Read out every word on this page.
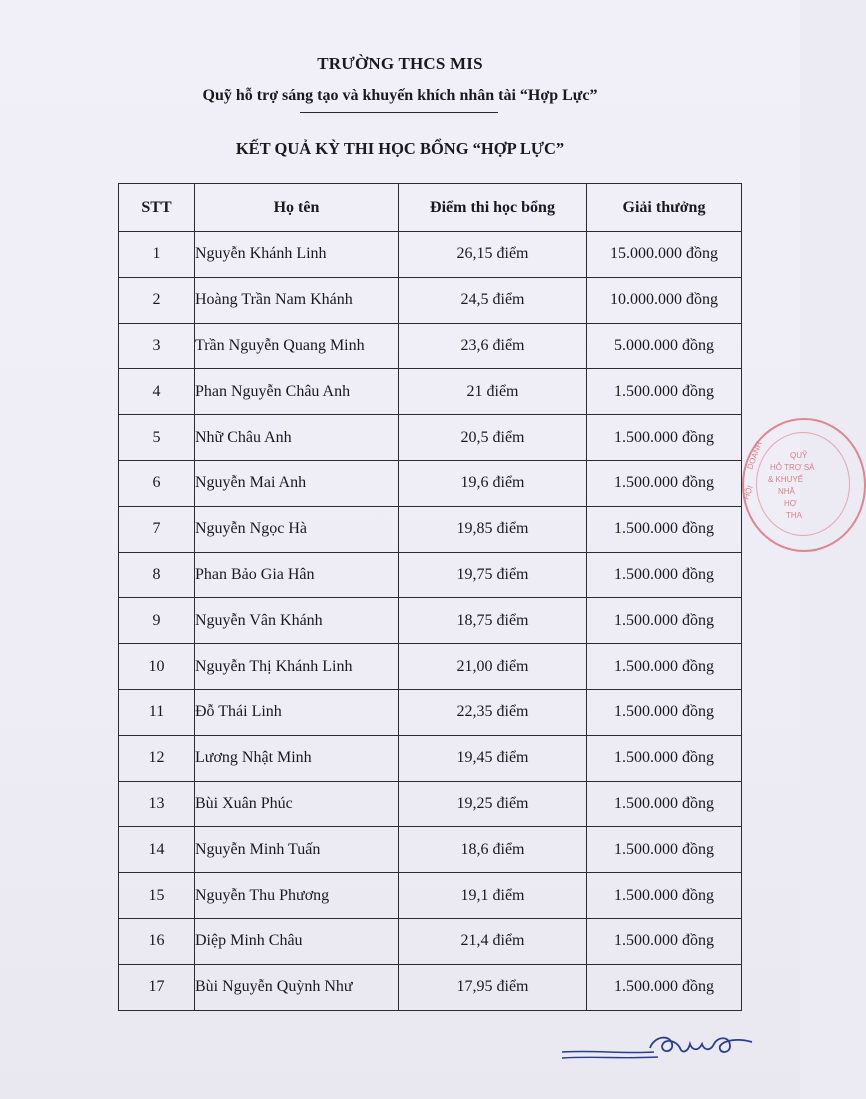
TRƯỜNG THCS MIS
Quỹ hỗ trợ sáng tạo và khuyến khích nhân tài “Hợp Lực”
KẾT QUẢ KỲ THI HỌC BỔNG “HỢP LỰC”
STT	Họ tên	Điểm thi học bổng	Giải thưởng
1	Nguyễn Khánh Linh	26,15 điểm	15.000.000 đồng
2	Hoàng Trần Nam Khánh	24,5 điểm	10.000.000 đồng
3	Trần Nguyễn Quang Minh	23,6 điểm	5.000.000 đồng
4	Phan Nguyễn Châu Anh	21 điểm	1.500.000 đồng
5	Nhữ Châu Anh	20,5 điểm	1.500.000 đồng
6	Nguyễn Mai Anh	19,6 điểm	1.500.000 đồng
7	Nguyễn Ngọc Hà	19,85 điểm	1.500.000 đồng
8	Phan Bảo Gia Hân	19,75 điểm	1.500.000 đồng
9	Nguyễn Vân Khánh	18,75 điểm	1.500.000 đồng
10	Nguyễn Thị Khánh Linh	21,00 điểm	1.500.000 đồng
11	Đỗ Thái Linh	22,35 điểm	1.500.000 đồng
12	Lương Nhật Minh	19,45 điểm	1.500.000 đồng
13	Bùi Xuân Phúc	19,25 điểm	1.500.000 đồng
14	Nguyễn Minh Tuấn	18,6 điểm	1.500.000 đồng
15	Nguyễn Thu Phương	19,1 điểm	1.500.000 đồng
16	Diệp Minh Châu	21,4 điểm	1.500.000 đồng
17	Bùi Nguyễn Quỳnh Như	17,95 điểm	1.500.000 đồng
QUỸ
HỖ TRỢ SÁ
& KHUYẾ
NHÂ
HỢ
THA
HỘI
DOANH
